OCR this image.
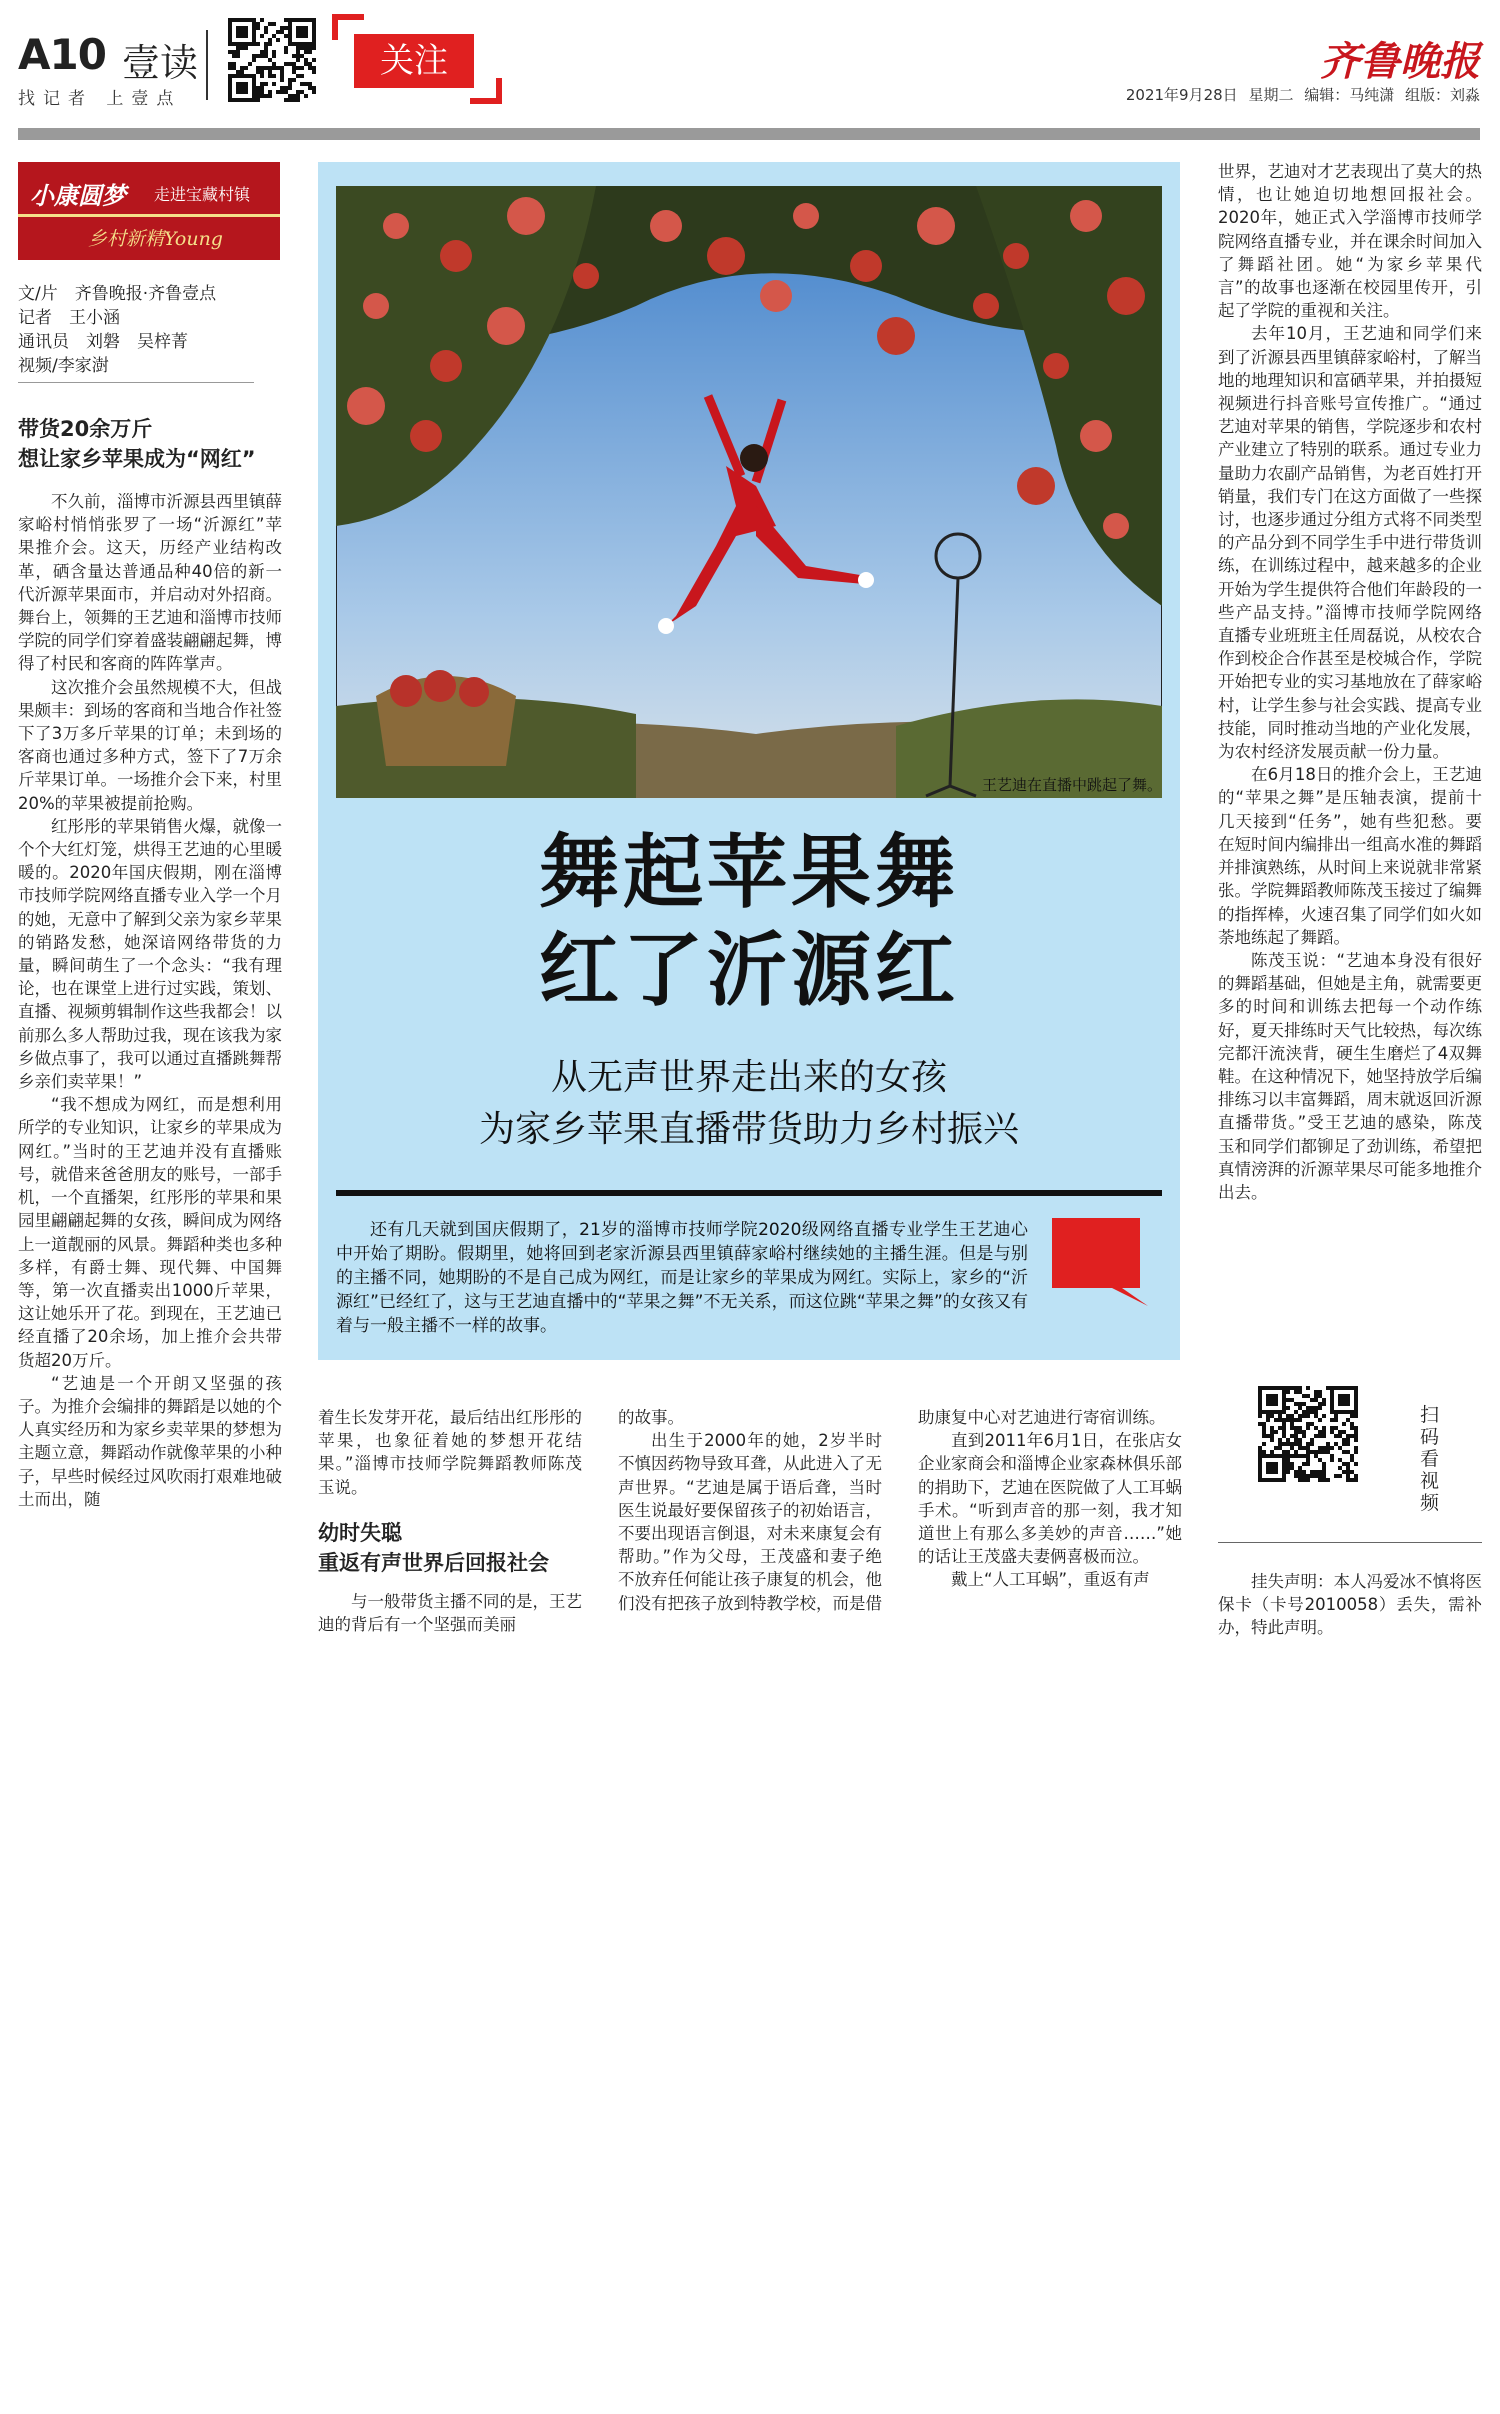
A10 壹读
找记者 上壹点
关注	齐鲁晚报
2021年9月28日 星期二 编辑：马纯潇 组版：刘淼
小康圆梦 走进宝藏村镇
乡村新精Young
文/片　齐鲁晚报·齐鲁壹点
记者　王小涵
通讯员　刘磐　吴梓菁
视频/李家澍
带货20余万斤
想让家乡苹果成为“网红”

不久前，淄博市沂源县西里镇薛家峪村悄悄张罗了一场“沂源红”苹果推介会。这天，历经产业结构改革，硒含量达普通品种40倍的新一代沂源苹果面市，并启动对外招商。舞台上，领舞的王艺迪和淄博市技师学院的同学们穿着盛装翩翩起舞，博得了村民和客商的阵阵掌声。

这次推介会虽然规模不大，但战果颇丰：到场的客商和当地合作社签下了3万多斤苹果的订单；未到场的客商也通过多种方式，签下了7万余斤苹果订单。一场推介会下来，村里20%的苹果被提前抢购。

红彤彤的苹果销售火爆，就像一个个大红灯笼，烘得王艺迪的心里暖暖的。2020年国庆假期，刚在淄博市技师学院网络直播专业入学一个月的她，无意中了解到父亲为家乡苹果的销路发愁，她深谙网络带货的力量，瞬间萌生了一个念头：“我有理论，也在课堂上进行过实践，策划、直播、视频剪辑制作这些我都会！以前那么多人帮助过我，现在该我为家乡做点事了，我可以通过直播跳舞帮乡亲们卖苹果！”

“我不想成为网红，而是想利用所学的专业知识，让家乡的苹果成为网红。”当时的王艺迪并没有直播账号，就借来爸爸朋友的账号，一部手机，一个直播架，红彤彤的苹果和果园里翩翩起舞的女孩，瞬间成为网络上一道靓丽的风景。舞蹈种类也多种多样，有爵士舞、现代舞、中国舞等，第一次直播卖出1000斤苹果，这让她乐开了花。到现在，王艺迪已经直播了20余场，加上推介会共带货超20万斤。

“艺迪是一个开朗又坚强的孩子。为推介会编排的舞蹈是以她的个人真实经历和为家乡卖苹果的梦想为主题立意，舞蹈动作就像苹果的小种子，早些时候经过风吹雨打艰难地破土而出，随

王艺迪在直播中跳起了舞。
舞起苹果舞
红了沂源红
从无声世界走出来的女孩
为家乡苹果直播带货助力乡村振兴

还有几天就到国庆假期了，21岁的淄博市技师学院2020级网络直播专业学生王艺迪心中开始了期盼。假期里，她将回到老家沂源县西里镇薛家峪村继续她的主播生涯。但是与别的主播不同，她期盼的不是自己成为网红，而是让家乡的苹果成为网红。实际上，家乡的“沂源红”已经红了，这与王艺迪直播中的“苹果之舞”不无关系，而这位跳“苹果之舞”的女孩又有着与一般主播不一样的故事。

世界，艺迪对才艺表现出了莫大的热情，也让她迫切地想回报社会。2020年，她正式入学淄博市技师学院网络直播专业，并在课余时间加入了舞蹈社团。她“为家乡苹果代言”的故事也逐渐在校园里传开，引起了学院的重视和关注。

去年10月，王艺迪和同学们来到了沂源县西里镇薛家峪村，了解当地的地理知识和富硒苹果，并拍摄短视频进行抖音账号宣传推广。“通过艺迪对苹果的销售，学院逐步和农村产业建立了特别的联系。通过专业力量助力农副产品销售，为老百姓打开销量，我们专门在这方面做了一些探讨，也逐步通过分组方式将不同类型的产品分到不同学生手中进行带货训练，在训练过程中，越来越多的企业开始为学生提供符合他们年龄段的一些产品支持。”淄博市技师学院网络直播专业班班主任周磊说，从校农合作到校企合作甚至是校城合作，学院开始把专业的实习基地放在了薛家峪村，让学生参与社会实践、提高专业技能，同时推动当地的产业化发展，为农村经济发展贡献一份力量。

在6月18日的推介会上，王艺迪的“苹果之舞”是压轴表演，提前十几天接到“任务”，她有些犯愁。要在短时间内编排出一组高水准的舞蹈并排演熟练，从时间上来说就非常紧张。学院舞蹈教师陈茂玉接过了编舞的指挥棒，火速召集了同学们如火如荼地练起了舞蹈。

陈茂玉说：“艺迪本身没有很好的舞蹈基础，但她是主角，就需要更多的时间和训练去把每一个动作练好，夏天排练时天气比较热，每次练完都汗流浃背，硬生生磨烂了4双舞鞋。在这种情况下，她坚持放学后编排练习以丰富舞蹈，周末就返回沂源直播带货。”受王艺迪的感染，陈茂玉和同学们都铆足了劲训练，希望把真情滂湃的沂源苹果尽可能多地推介出去。

扫码看视频

挂失声明：本人冯爱冰不慎将医保卡（卡号2010058）丢失，需补办，特此声明。

着生长发芽开花，最后结出红彤彤的苹果，也象征着她的梦想开花结果。”淄博市技师学院舞蹈教师陈茂玉说。

幼时失聪
重返有声世界后回报社会

与一般带货主播不同的是，王艺迪的背后有一个坚强而美丽

的故事。

出生于2000年的她，2岁半时不慎因药物导致耳聋，从此进入了无声世界。“艺迪是属于语后聋，当时医生说最好要保留孩子的初始语言，不要出现语言倒退，对未来康复会有帮助。”作为父母，王茂盛和妻子绝不放弃任何能让孩子康复的机会，他们没有把孩子放到特教学校，而是借

助康复中心对艺迪进行寄宿训练。

直到2011年6月1日，在张店女企业家商会和淄博企业家森林俱乐部的捐助下，艺迪在医院做了人工耳蜗手术。“听到声音的那一刻，我才知道世上有那么多美妙的声音……”她的话让王茂盛夫妻俩喜极而泣。

戴上“人工耳蜗”，重返有声
